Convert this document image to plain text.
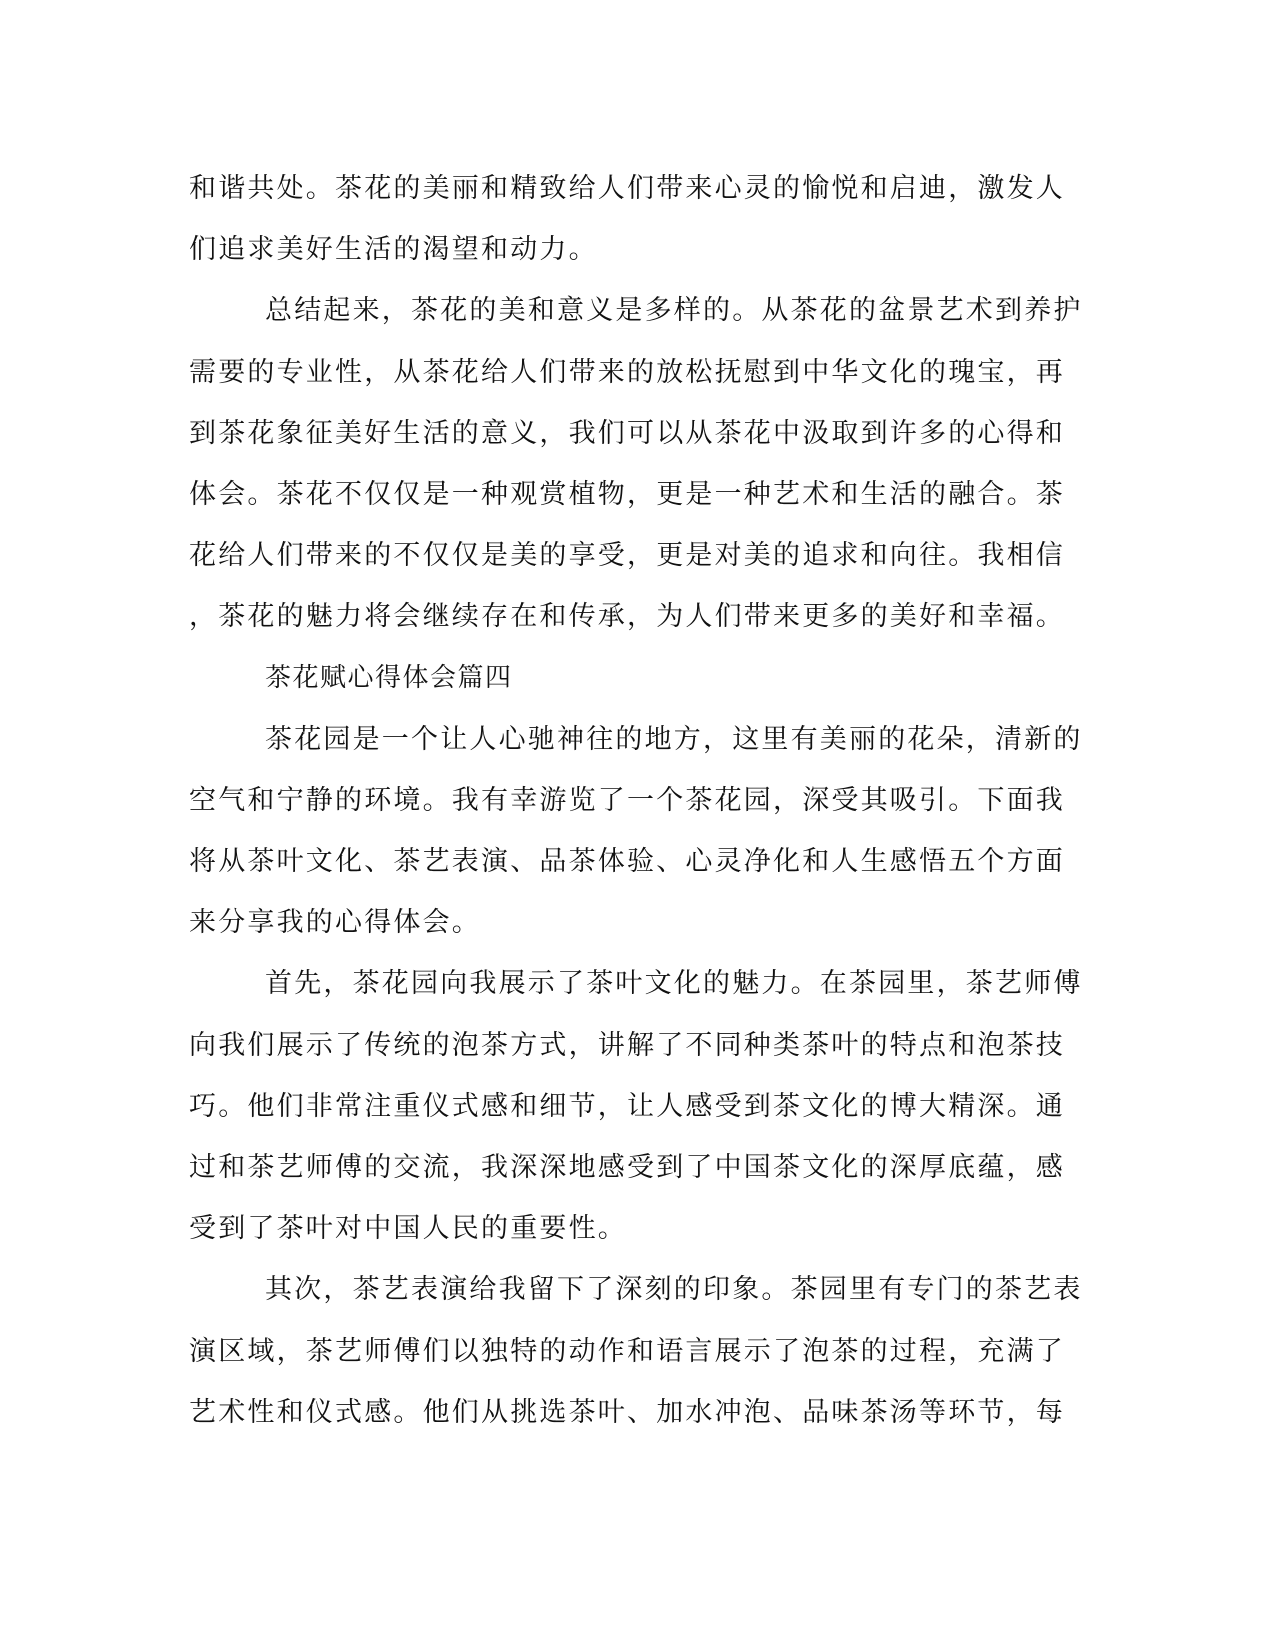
和谐共处。茶花的美丽和精致给人们带来心灵的愉悦和启迪，激发人
们追求美好生活的渴望和动力。
总结起来，茶花的美和意义是多样的。从茶花的盆景艺术到养护
需要的专业性，从茶花给人们带来的放松抚慰到中华文化的瑰宝，再
到茶花象征美好生活的意义，我们可以从茶花中汲取到许多的心得和
体会。茶花不仅仅是一种观赏植物，更是一种艺术和生活的融合。茶
花给人们带来的不仅仅是美的享受，更是对美的追求和向往。我相信
，茶花的魅力将会继续存在和传承，为人们带来更多的美好和幸福。
茶花赋心得体会篇四
茶花园是一个让人心驰神往的地方，这里有美丽的花朵，清新的
空气和宁静的环境。我有幸游览了一个茶花园，深受其吸引。下面我
将从茶叶文化、茶艺表演、品茶体验、心灵净化和人生感悟五个方面
来分享我的心得体会。
首先，茶花园向我展示了茶叶文化的魅力。在茶园里，茶艺师傅
向我们展示了传统的泡茶方式，讲解了不同种类茶叶的特点和泡茶技
巧。他们非常注重仪式感和细节，让人感受到茶文化的博大精深。通
过和茶艺师傅的交流，我深深地感受到了中国茶文化的深厚底蕴，感
受到了茶叶对中国人民的重要性。
其次，茶艺表演给我留下了深刻的印象。茶园里有专门的茶艺表
演区域，茶艺师傅们以独特的动作和语言展示了泡茶的过程，充满了
艺术性和仪式感。他们从挑选茶叶、加水冲泡、品味茶汤等环节，每
